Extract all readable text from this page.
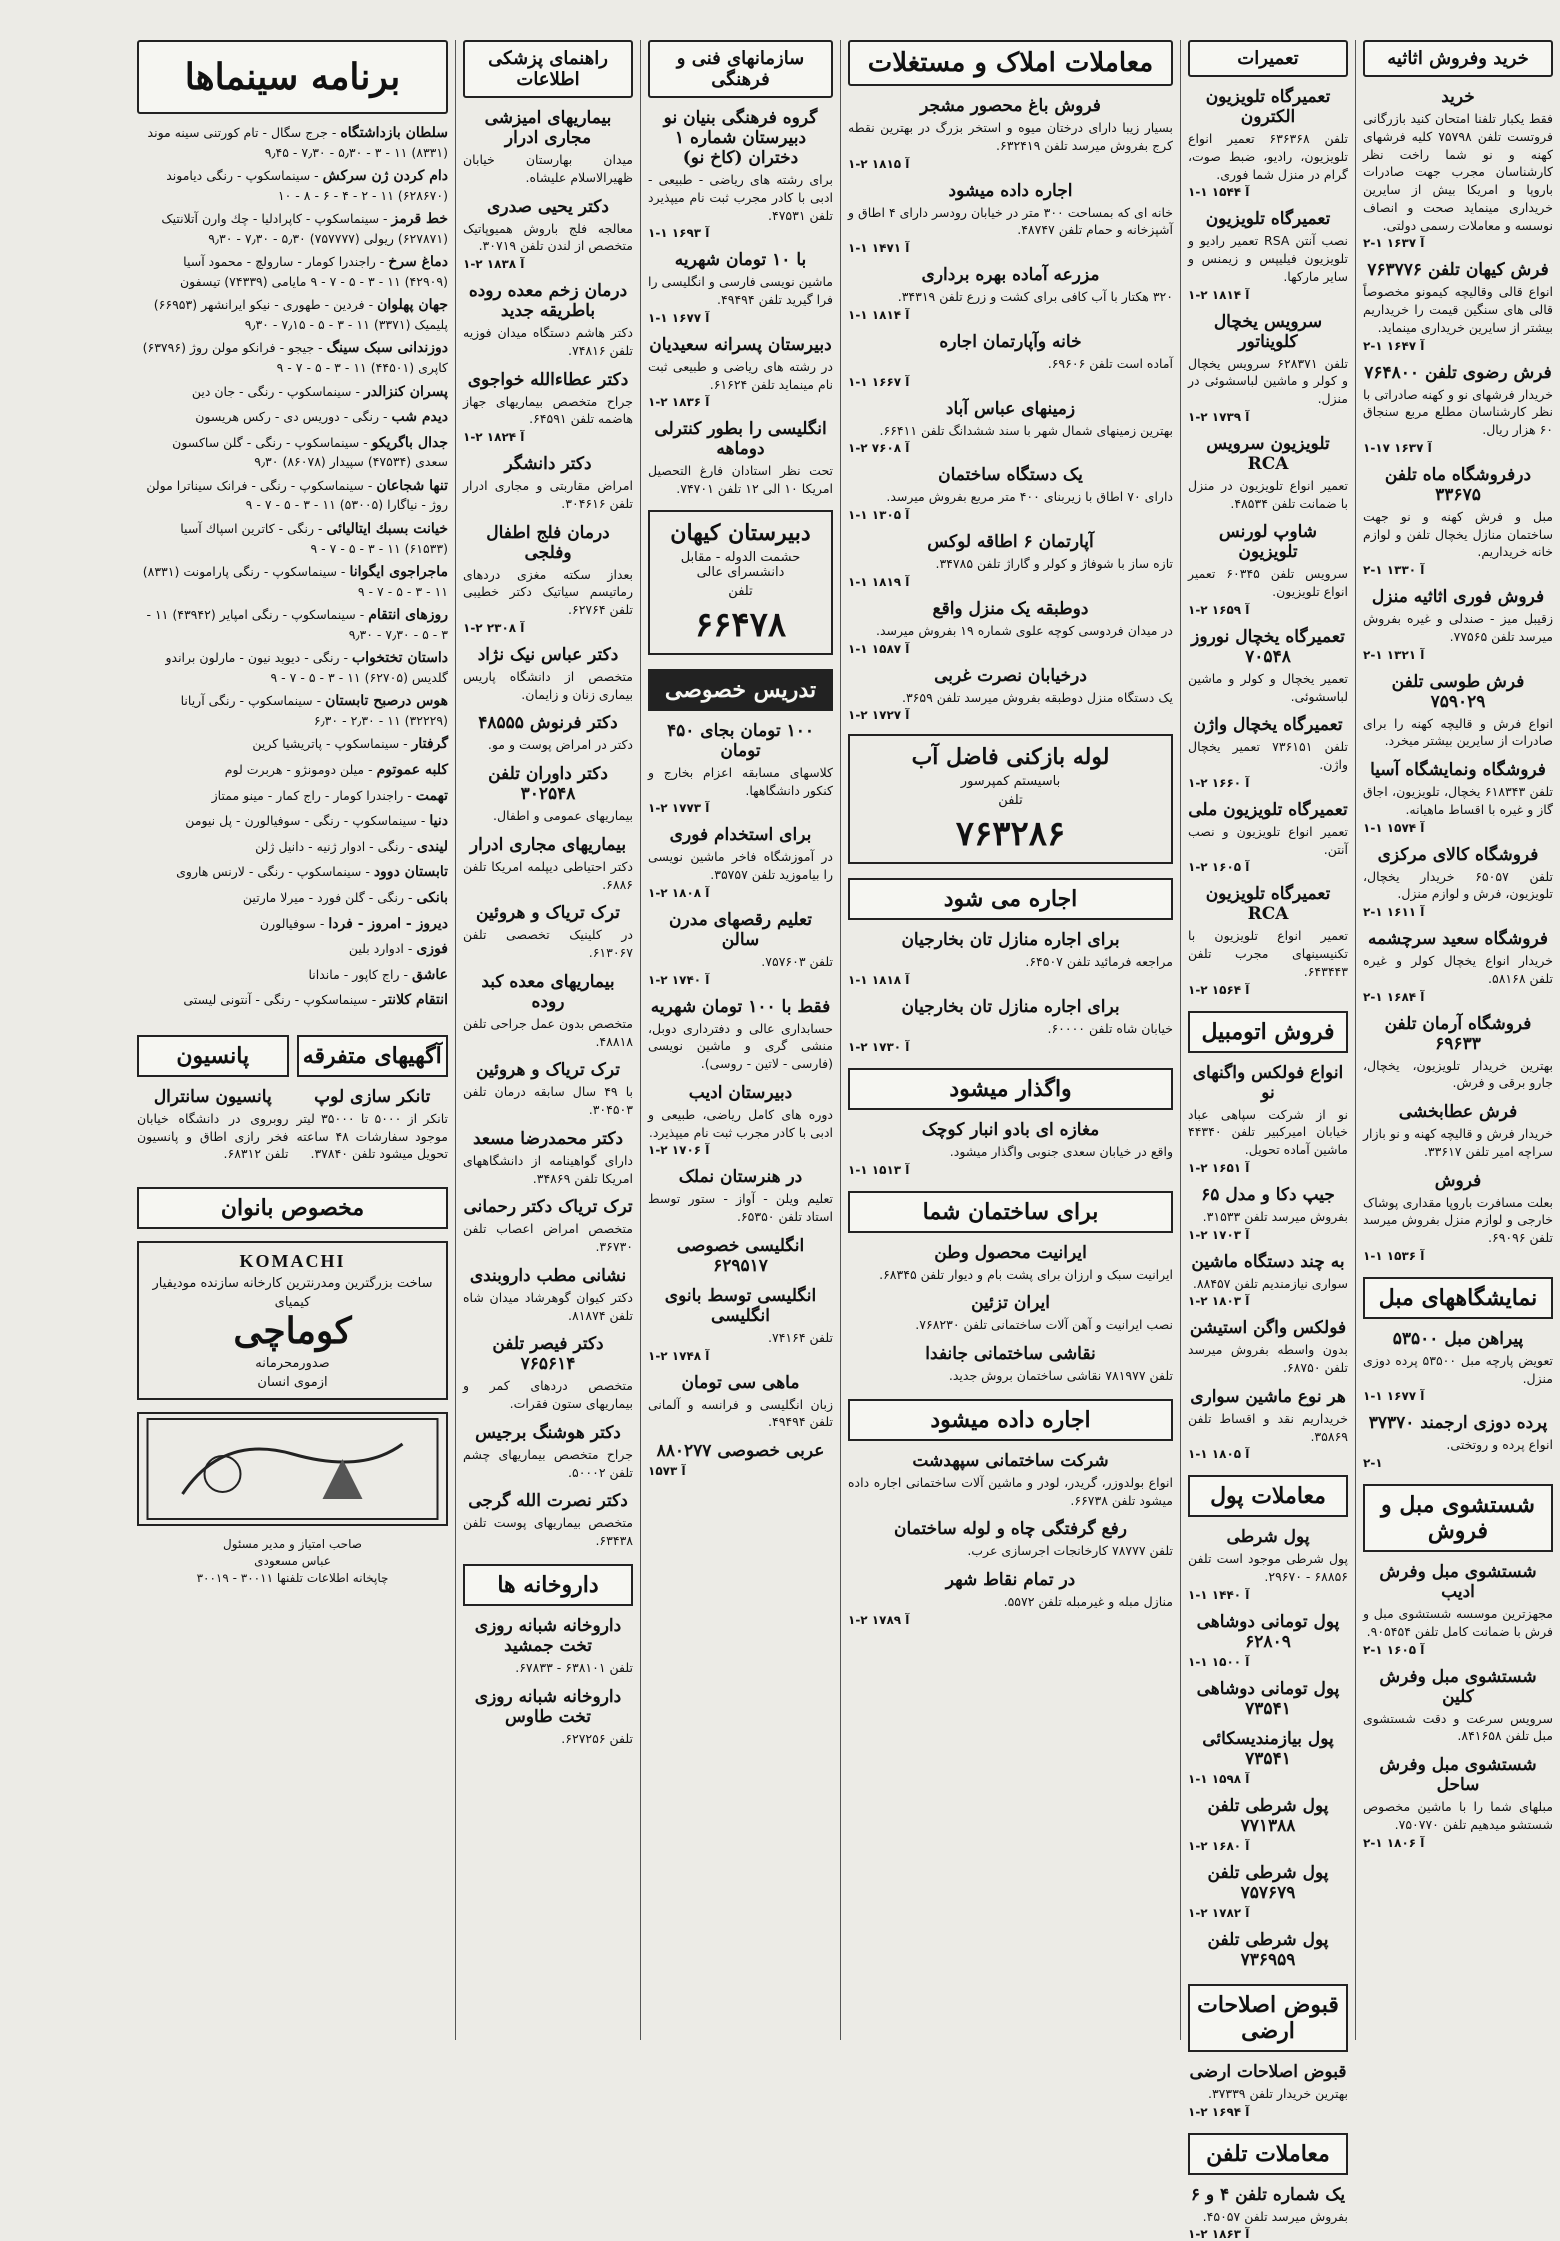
خرید وفروش اثاثیه
خرید
فقط یکبار تلفنا امتحان کنید بازرگانی فروتست تلفن ۷۵۷۹۸ کلیه فرشهای کهنه و نو شما راخت نظر کارشناسان مجرب جهت صادرات باروپا و امریکا بیش از سایرین خریداری مینماید صحت و انصاف نوسسه و معاملات رسمی دولتی.
۲-۱ ۱۶۳۷ آ
فرش کیهان تلفن ۷۶۳۷۷۶
انواع قالی وقالیچه کیمونو مخصوصاً قالی های سنگین قیمت را خریداریم بیشتر از سایرین خریداری مینماید.
۲-۱ ۱۶۴۷ آ
فرش رضوی تلفن ۷۶۴۸۰۰
خریدار فرشهای نو و کهنه صادراتی با نظر کارشناسان مطلع مربع سنجاق ۶۰ هزار ریال.
۱-۱۷ آ ۱۶۳۷
درفروشگاه ماه تلفن ۳۳۶۷۵
مبل و فرش کهنه و نو جهت ساختمان منازل یخچال تلفن و لوازم خانه خریداریم.
۲-۱ ۱۳۳۰ آ
فروش فوری اثاثیه منزل
زقیبل میز - صندلی و غیره بفروش میرسد تلفن ۷۷۵۶۵.
۲-۱ ۱۳۲۱ آ
فرش طوسی تلفن ۷۵۹۰۲۹
انواع فرش و قالیچه کهنه را برای صادرات از سایرین بیشتر میخرد.
فروشگاه ونمایشگاه آسیا
تلفن ۶۱۸۳۴۳ یخچال، تلویزیون، اجاق گاز و غیره با اقساط ماهیانه.
۱-۱ ۱۵۷۴ آ
فروشگاه کالای مرکزی
تلفن ۶۵۰۵۷ خریدار یخچال، تلویزیون، فرش و لوازم منزل.
۲-۱ ۱۶۱۱ آ
فروشگاه سعید سرچشمه
خریدار انواع یخچال کولر و غیره تلفن ۵۸۱۶۸.
۲-۱ ۱۶۸۴ آ
فروشگاه آرمان تلفن ۶۹۶۳۳
بهترین خریدار تلویزیون، یخچال، جارو برقی و فرش.
فرش عطابخشی
خریدار فرش و قالیچه کهنه و نو بازار سراچه امیر تلفن ۳۳۶۱۷.
فروش
بعلت مسافرت باروپا مقداری پوشاک خارجی و لوازم منزل بفروش میرسد تلفن ۶۹۰۹۶.
۱-۱ ۱۵۳۶ آ
نمایشگاههای مبل
پیراهن مبل ۵۳۵۰۰
تعویض پارچه مبل ۵۳۵۰۰ پرده دوزی منزل.
۱-۱ ۱۶۷۷ آ
پرده دوزی ارجمند ۳۷۳۷۰
انواع پرده و روتختی.
۲-۱
شستشوی مبل و فروش
شستشوی مبل وفرش ادیب
مجهزترین موسسه شستشوی مبل و فرش با ضمانت کامل تلفن ۹۰۵۴۵۴.
۲-۱ ۱۶۰۵ آ
شستشوی مبل وفرش کلین
سرویس سرعت و دقت شستشوی مبل تلفن ۸۴۱۶۵۸.
شستشوی مبل وفرش ساحل
مبلهای شما را با ماشین مخصوص شستشو میدهیم تلفن ۷۵۰۷۷۰.
۲-۱ ۱۸۰۶ آ
تعمیرات
تعمیرگاه تلویزیون الکترون
تلفن ۶۳۶۳۶۸ تعمیر انواع تلویزیون، رادیو، ضبط صوت، گرام در منزل شما فوری.
۱-۱ ۱۵۴۴ آ
تعمیرگاه تلویزیون
نصب آنتن RSA تعمیر رادیو و تلویزیون فیلیپس و زیمنس و سایر مارکها.
۱-۲ ۱۸۱۴ آ
سرویس یخچال کلویناتور
تلفن ۶۲۸۳۷۱ سرویس یخچال و کولر و ماشین لباسشوئی در منزل.
۱-۲ ۱۷۳۹ آ
تلویزیون سرویس RCA
تعمیر انواع تلویزیون در منزل با ضمانت تلفن ۴۸۵۳۴.
شاوپ لورنس تلویزیون
سرویس تلفن ۶۰۳۴۵ تعمیر انواع تلویزیون.
۱-۲ ۱۶۵۹ آ
تعمیرگاه یخچال نوروز ۷۰۵۴۸
تعمیر یخچال و کولر و ماشین لباسشوئی.
تعمیرگاه یخچال واژن
تلفن ۷۳۶۱۵۱ تعمیر یخچال واژن.
۱-۲ ۱۶۶۰ آ
تعمیرگاه تلویزیون ملی
تعمیر انواع تلویزیون و نصب آنتن.
۱-۲ ۱۶۰۵ آ
تعمیرگاه تلویزیون RCA
تعمیر انواع تلویزیون با تکنیسینهای مجرب تلفن ۶۴۳۴۴۳.
۱-۲ ۱۵۶۴ آ
فروش اتومبیل
انواع فولکس واگنهای نو
نو از شرکت سپاهی عباد خیابان امیرکبیر تلفن ۴۴۳۴۰ ماشین آماده تحویل.
۱-۲ ۱۶۵۱ آ
جیپ دکا و مدل ۶۵
بفروش میرسد تلفن ۳۱۵۳۳.
۱-۲ ۱۷۰۳ آ
به چند دستگاه ماشین
سواری نیازمندیم تلفن ۸۸۴۵۷.
۱-۲ ۱۸۰۳ آ
فولکس واگن استیشن
بدون واسطه بفروش میرسد تلفن ۶۸۷۵۰.
هر نوع ماشین سواری
خریداریم نقد و اقساط تلفن ۳۵۸۶۹.
۱-۱ ۱۸۰۵ آ
معاملات پول
پول شرطی
پول شرطی موجود است تلفن ۶۸۸۵۶ - ۲۹۶۷۰.
۱-۱ ۱۴۴۰ آ
پول تومانی دوشاهی ۶۲۸۰۹
۱-۱ ۱۵۰۰ آ
پول تومانی دوشاهی ۷۳۵۴۱
پول بیازمندیسکائی ۷۳۵۴۱
۱-۱ ۱۵۹۸ آ
پول شرطی تلفن ۷۷۱۳۸۸
۱-۲ ۱۶۸۰ آ
پول شرطی تلفن ۷۵۷۶۷۹
۱-۲ ۱۷۸۲ آ
پول شرطی تلفن ۷۳۶۹۵۹
قبوض اصلاحات ارضی
قبوض اصلاحات ارضی
بهترین خریدار تلفن ۳۷۳۳۹.
۱-۲ ۱۶۹۴ آ
معاملات تلفن
یک شماره تلفن ۴ و ۶
بفروش میرسد تلفن ۴۵۰۵۷.
۱-۲ ۱۸۶۳ آ
معاملات املاک و مستغلات
فروش باغ محصور مشجر
بسیار زیبا دارای درختان میوه و استخر بزرگ در بهترین نقطه کرج بفروش میرسد تلفن ۶۳۲۴۱۹.
۱-۲ ۱۸۱۵ آ
اجاره داده میشود
خانه ای که بمساحت ۳۰۰ متر در خیابان رودسر دارای ۴ اطاق و آشپزخانه و حمام تلفن ۴۸۷۴۷.
۱-۱ ۱۴۷۱ آ
مزرعه آماده بهره برداری
۳۲۰ هکتار با آب کافی برای کشت و زرع تلفن ۳۴۳۱۹.
۱-۱ ۱۸۱۴ آ
خانه وآپارتمان اجاره
آماده است تلفن ۶۹۶۰۶.
۱-۱ ۱۶۶۷ آ
زمینهای عباس آباد
بهترین زمینهای شمال شهر با سند ششدانگ تلفن ۶۶۴۱۱.
۱-۲ ۷۶۰۸ آ
یک دستگاه ساختمان
دارای ۷۰ اطاق با زیربنای ۴۰۰ متر مربع بفروش میرسد.
۱-۱ ۱۳۰۵ آ
آپارتمان ۶ اطاقه لوکس
تازه ساز با شوفاژ و کولر و گاراژ تلفن ۳۴۷۸۵.
۱-۱ ۱۸۱۹ آ
دوطبقه یک منزل واقع
در میدان فردوسی کوچه علوی شماره ۱۹ بفروش میرسد.
۱-۱ ۱۵۸۷ آ
درخیابان نصرت غربی
یک دستگاه منزل دوطبقه بفروش میرسد تلفن ۳۶۵۹.
۱-۲ ۱۷۲۷ آ
لوله بازکنی فاضل آب
باسیستم کمپرسور
تلفن
۷۶۳۲۸۶
اجاره می شود
برای اجاره منازل تان بخارجیان
مراجعه فرمائید تلفن ۶۴۵۰۷.
۱-۱ ۱۸۱۸ آ
برای اجاره منازل تان بخارجیان
خیابان شاه تلفن ۶۰۰۰۰.
۱-۲ ۱۷۳۰ آ
واگذار میشود
مغازه ای بادو انبار کوچک
واقع در خیابان سعدی جنوبی واگذار میشود.
۱-۱ ۱۵۱۳ آ
برای ساختمان شما
ایرانیت محصول وطن
ایرانیت سبک و ارزان برای پشت بام و دیوار تلفن ۶۸۳۴۵.
ایران تزئین
نصب ایرانیت و آهن آلات ساختمانی تلفن ۷۶۸۲۳۰.
نقاشی ساختمانی جانفدا
تلفن ۷۸۱۹۷۷ نقاشی ساختمان بروش جدید.
اجاره داده میشود
شرکت ساختمانی سپهدشت
انواع بولدوزر، گریدر، لودر و ماشین آلات ساختمانی اجاره داده میشود تلفن ۶۶۷۳۸.
رفع گرفتگی چاه و لوله ساختمان
تلفن ۷۸۷۷۷ کارخانجات اجرسازی عرب.
در تمام نقاط شهر
منازل مبله و غیرمبله تلفن ۵۵۷۲.
۱-۲ ۱۷۸۹ آ
سازمانهای فنی و فرهنگی
گروه فرهنگی بنیان نو دبیرستان شماره ۱ دختران (کاخ نو)
برای رشته های ریاضی - طبیعی - ادبی با کادر مجرب ثبت نام میپذیرد تلفن ۴۷۵۳۱.
۱-۱ ۱۶۹۳ آ
با ۱۰ تومان شهریه
ماشین نویسی فارسی و انگلیسی را فرا گیرید تلفن ۴۹۴۹۴.
۱-۱ ۱۶۷۷ آ
دبیرستان پسرانه سعیدیان
در رشته های ریاضی و طبیعی ثبت نام مینماید تلفن ۶۱۶۲۴.
۱-۲ ۱۸۳۶ آ
انگلیسی را بطور کنترلی دوماهه
تحت نظر استادان فارغ التحصیل امریکا ۱۰ الی ۱۲ تلفن ۷۴۷۰۱.
دبیرستان کیهان
حشمت الدوله - مقابل دانشسرای عالی
تلفن
۶۶۴۷۸
تدریس خصوصی
۱۰۰ تومان بجای ۴۵۰ تومان
کلاسهای مسابقه اعزام بخارج و کنکور دانشگاهها.
۱-۲ ۱۷۷۳ آ
برای استخدام فوری
در آموزشگاه فاخر ماشین نویسی را بیاموزید تلفن ۳۵۷۵۷.
۱-۲ ۱۸۰۸ آ
تعلیم رقصهای مدرن سالن
تلفن ۷۵۷۶۰۳.
۱-۲ ۱۷۴۰ آ
فقط با ۱۰۰ تومان شهریه
حسابداری عالی و دفترداری دوبل، منشی گری و ماشین نویسی (فارسی - لاتین - روسی).
دبیرستان ادیب
دوره های کامل ریاضی، طبیعی و ادبی با کادر مجرب ثبت نام میپذیرد.
۱-۲ ۱۷۰۶ آ
در هنرستان نملک
تعلیم ویلن - آواز - ستور توسط استاد تلفن ۶۵۳۵۰.
انگلیسی خصوصی ۶۲۹۵۱۷
انگلیسی توسط بانوی انگلیسی
تلفن ۷۴۱۶۴.
۱-۲ ۱۷۴۸ آ
ماهی سی تومان
زبان انگلیسی و فرانسه و آلمانی تلفن ۴۹۴۹۴.
عربی خصوصی ۸۸۰۲۷۷
۱۵۷۳ آ
راهنمای پزشکی اطلاعات
بیماریهای امیزشی مجاری ادرار
میدان بهارستان خیابان ظهیرالاسلام علیشاه.
دکتر یحیی صدری
معالجه فلج باروش همیوپاتیک متخصص از لندن تلفن ۳۰۷۱۹.
۱-۲ ۱۸۳۸ آ
درمان زخم معده روده باطریقه جدید
دکتر هاشم دستگاه میدان فوزیه تلفن ۷۴۸۱۶.
دکتر عطاءالله خواجوی
جراح متخصص بیماریهای جهاز هاضمه تلفن ۶۴۵۹۱.
۱-۲ ۱۸۲۴ آ
دکتر دانشگر
امراض مقاربتی و مجاری ادرار تلفن ۳۰۴۶۱۶.
درمان فلج اطفال وفلجی
بعداز سکته مغزی دردهای رماتیسم سیاتیک دکتر خطیبی تلفن ۶۲۷۶۴.
۱-۲ ۲۳۰۸ آ
دکتر عباس نیک نژاد
متخصص از دانشگاه پاریس بیماری زنان و زایمان.
دکتر فرنوش ۴۸۵۵۵
دکتر در امراض پوست و مو.
دکتر داوران تلفن ۳۰۲۵۴۸
بیماریهای عمومی و اطفال.
بیماریهای مجاری ادرار
دکتر احتیاطی دیپلمه امریکا تلفن ۶۸۸۶.
ترک تریاک و هروئین
در کلینیک تخصصی تلفن ۶۱۳۰۶۷.
بیماریهای معده کبد روده
متخصص بدون عمل جراحی تلفن ۴۸۸۱۸.
ترک تریاک و هروئین
با ۴۹ سال سابقه درمان تلفن ۳۰۴۵۰۳.
دکتر محمدرضا مسعد
دارای گواهینامه از دانشگاههای امریکا تلفن ۳۴۸۶۹.
ترک تریاک دکتر رحمانی
متخصص امراض اعصاب تلفن ۳۶۷۳۰.
نشانی مطب داروبندی
دکتر کیوان گوهرشاد میدان شاه تلفن ۸۱۸۷۴.
دکتر فیصر تلفن ۷۶۵۶۱۴
متخصص دردهای کمر و بیماریهای ستون فقرات.
دکتر هوشنگ برجیس
جراح متخصص بیماریهای چشم تلفن ۵۰۰۰۲.
دکتر نصرت الله گرجی
متخصص بیماریهای پوست تلفن ۶۳۴۳۸.
داروخانه ها
داروخانه شبانه روزی تخت جمشید
تلفن ۶۳۸۱۰۱ - ۶۷۸۳۳.
داروخانه شبانه روزی تخت طاوس
تلفن ۶۲۷۲۵۶.
برنامه سینماها
سلطان بازداشتگاه - جرج سگال - تام کورتنی سینه موند (۸۳۳۱) ۱۱ - ۳ - ۵٫۳۰ - ۷٫۳۰ - ۹٫۴۵
دام کردن ژن سرکش - سینماسکوپ - رنگی دیاموند (۶۲۸۶۷۰) ۱۱ - ۲ - ۴ - ۶ - ۸ - ۱۰
خط قرمز - سینماسکوپ - کاپرادلیا - چك وارن آتلانتیک (۶۲۷۸۷۱) ریولی (۷۵۷۷۷۷) ۵٫۳۰ - ۷٫۳۰ - ۹٫۳۰
دماغ سرخ - راجندرا کومار - سارولچ - محمود آسیا (۴۲۹۰۹) ۱۱ - ۳ - ۵ - ۷ - ۹ مایامی (۷۴۳۳۹) تیسفون
جهان پهلوان - فردین - طهوری - نیکو ایرانشهر (۶۶۹۵۳) پلیمیک (۳۳۷۱) ۱۱ - ۳ - ۵ - ۷٫۱۵ - ۹٫۳۰
دوزندانی سبک سینگ - جیجو - فرانکو مولن روژ (۶۳۷۹۶) کاپری (۴۴۵۰۱) ۱۱ - ۳ - ۵ - ۷ - ۹
پسران کنزالدر - سینماسکوپ - رنگی - جان دین
دیدم شب - رنگی - دوریس دی - رکس هریسون
جدال باگریکو - سینماسکوپ - رنگی - گلن ساکسون سعدی (۴۷۵۳۴) سپیدار (۸۶۰۷۸) ۹٫۳۰
تنها شجاعان - سینماسکوپ - رنگی - فرانک سیناترا مولن روژ - نیاگارا (۵۳۰۰۵) ۱۱ - ۳ - ۵ - ۷ - ۹
خیانت بسبك ایتالیائی - رنگی - کاترین اسپاك آسیا (۶۱۵۳۳) ۱۱ - ۳ - ۵ - ۷ - ۹
ماجراجوی ایگوانا - سینماسکوپ - رنگی پارامونت (۸۳۳۱) ۱۱ - ۳ - ۵ - ۷ - ۹
روزهای انتقام - سینماسکوپ - رنگی امپایر (۴۳۹۴۲) ۱۱ - ۳ - ۵ - ۷٫۳۰ - ۹٫۳۰
داستان تختخواب - رنگی - دیوید نیون - مارلون براندو گلدیس (۶۲۷۰۵) ۱۱ - ۳ - ۵ - ۷ - ۹
هوس درصبح تابستان - سینماسکوپ - رنگی آریانا (۳۲۲۲۹) ۱۱ - ۲٫۳۰ - ۶٫۳۰
گرفتار - سینماسکوپ - پاتریشیا کرین
کلبه عموتوم - میلن دومونژو - هربرت لوم
تهمت - راجندرا کومار - راج کمار - مینو ممتاز
دنیا - سینماسکوپ - رنگی - سوفیالورن - پل نیومن
لیندی - رنگی - ادوار ژنیه - دانیل ژلن
تابستان دوود - سینماسکوپ - رنگی - لارنس هاروی
بانکی - رنگی - گلن فورد - میرلا مارتین
دیروز - امروز - فردا - سوفیالورن
فوزی - ادوارد بلین
عاشق - راج کاپور - ماندانا
انتقام کلانتر - سینماسکوپ - رنگی - آنتونی لیستی
آگهیهای متفرقه
تانکر سازی لوپ
تانکر از ۵۰۰۰ تا ۳۵۰۰۰ لیتر موجود سفارشات ۴۸ ساعته تحویل میشود تلفن ۳۷۸۴۰.
پانسیون
پانسیون سانترال
روبروی در دانشگاه خیابان فخر رازی اطاق و پانسیون تلفن ۶۸۳۱۲.
مخصوص بانوان
KOMACHI
ساخت بزرگترین ومدرنترین کارخانه سازنده مودیفیار
کیمیای
کوماچی
صدورمحرمانه
ازموی انسان
صاحب امتیاز و مدیر مسئول
عباس مسعودی
چاپخانه اطلاعات تلفنها ۳۰۰۱۱ - ۳۰۰۱۹
